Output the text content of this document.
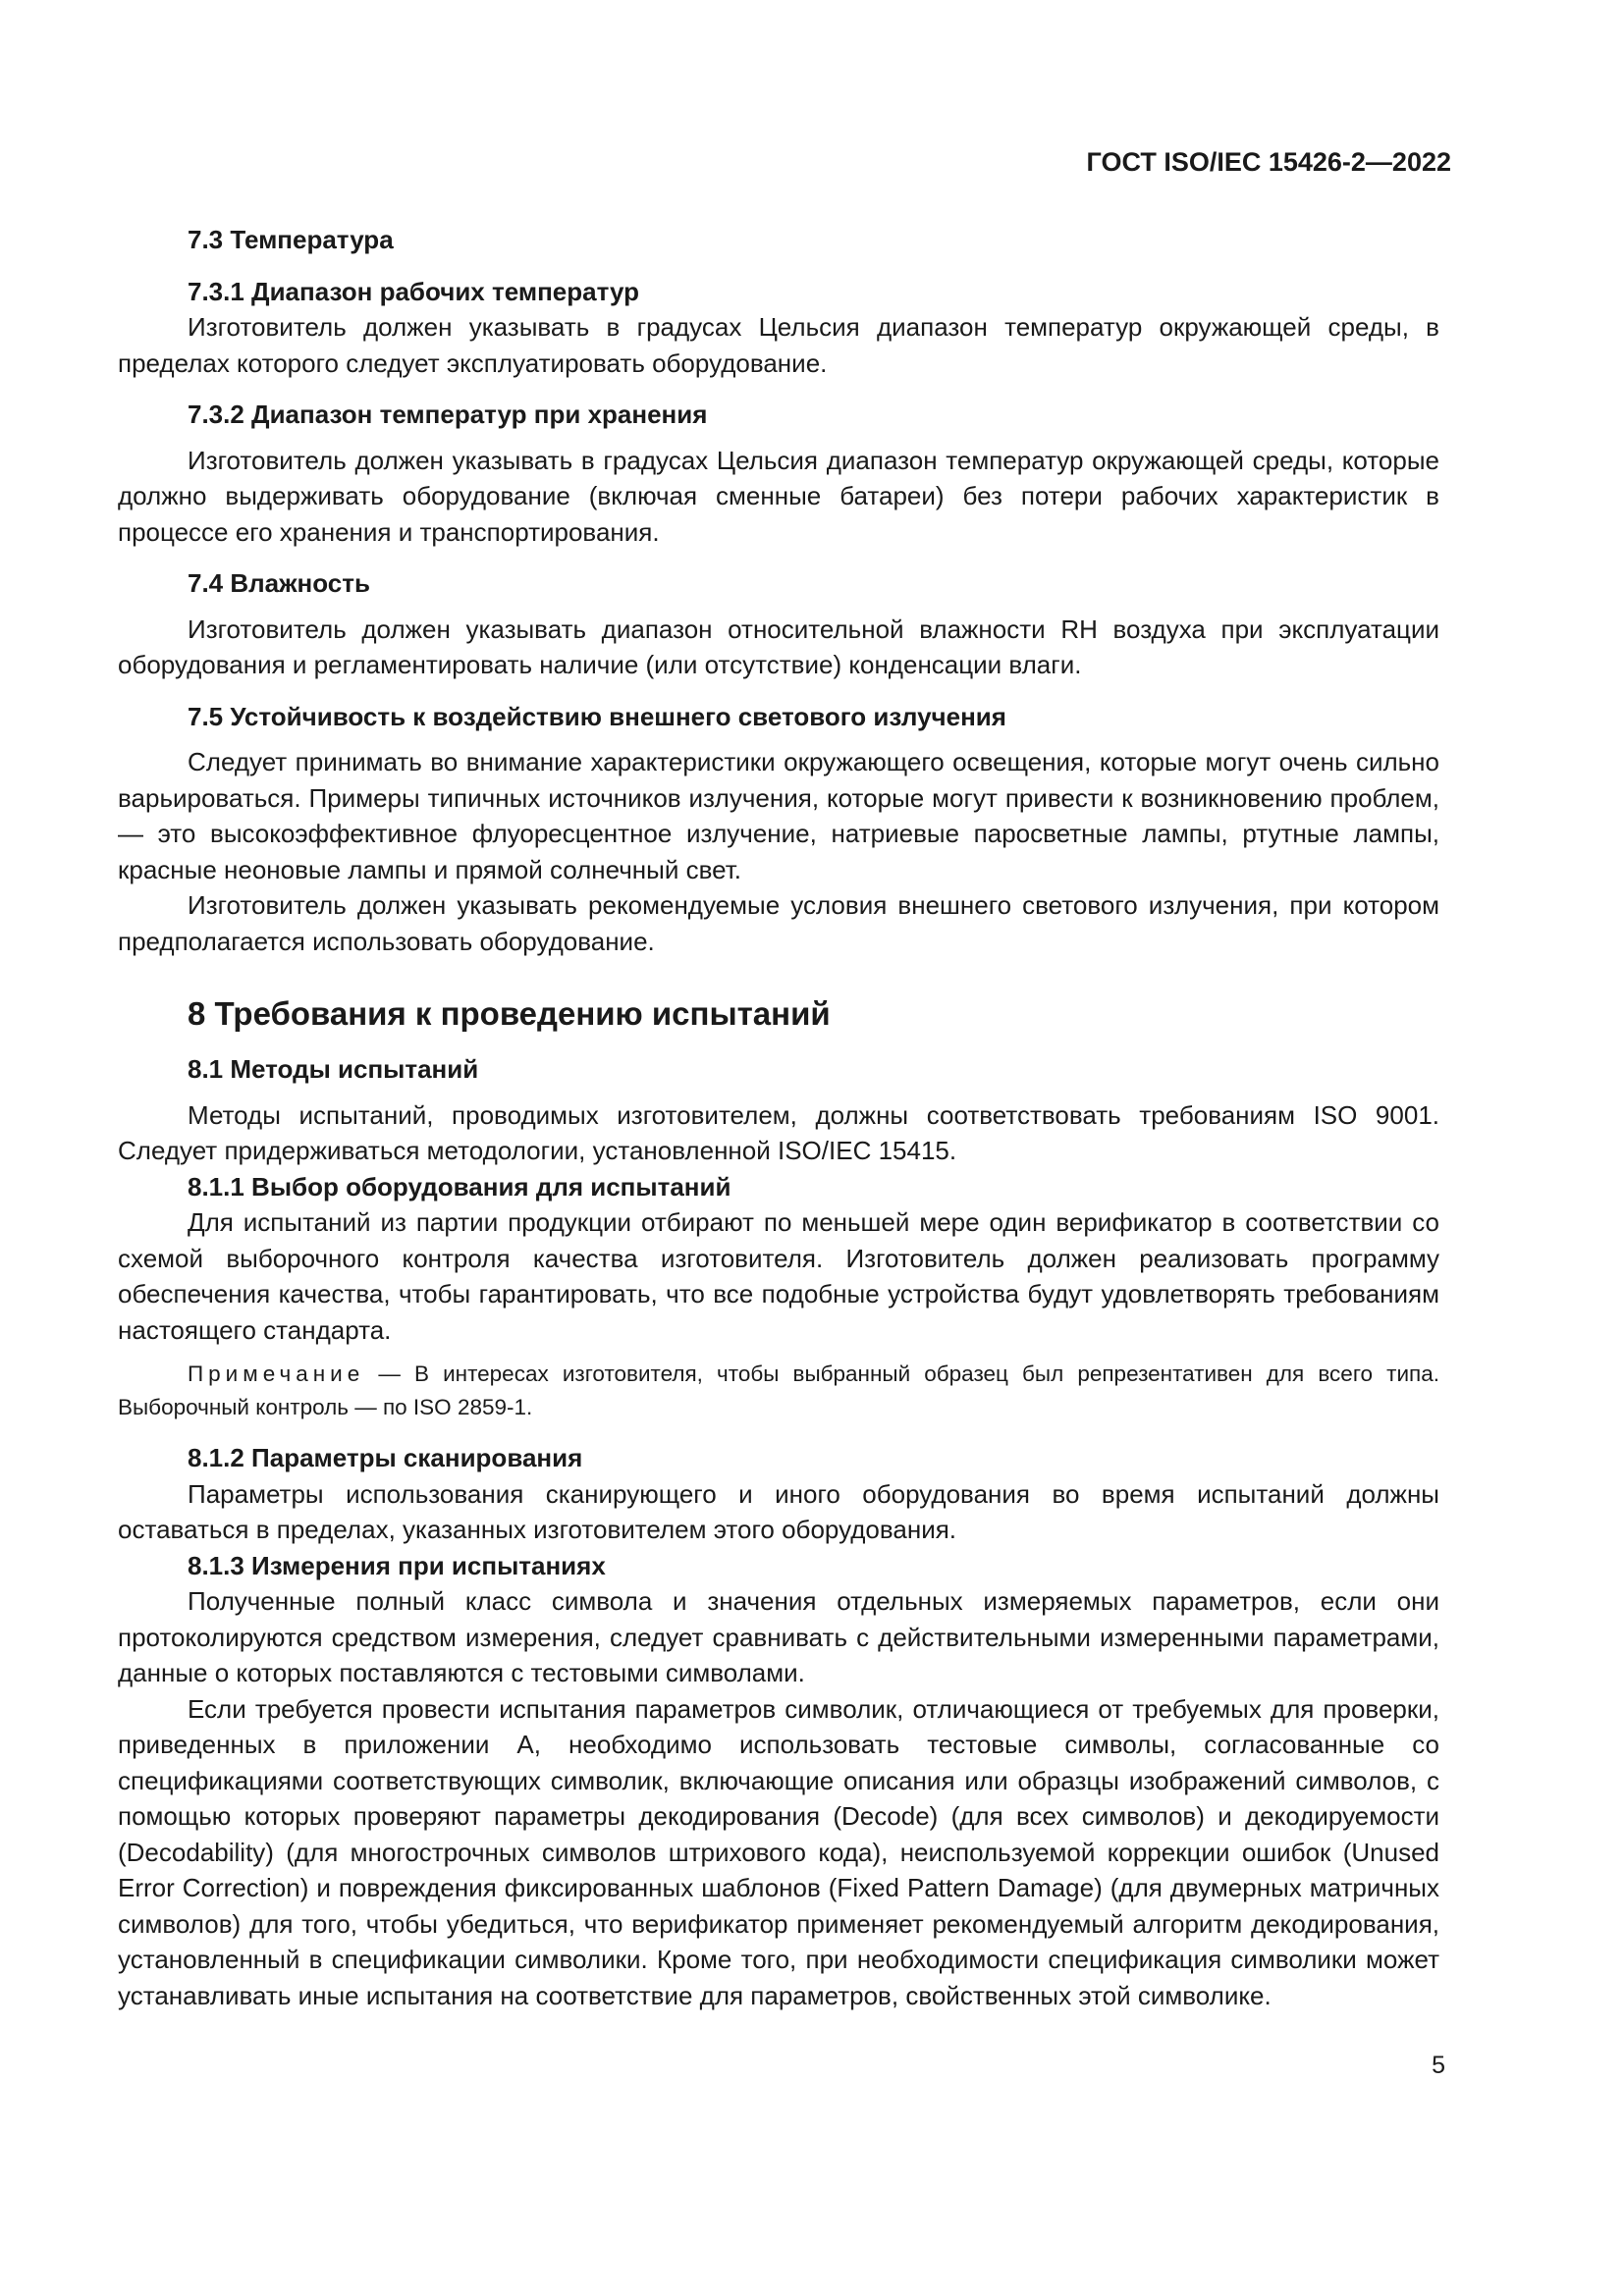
ГОСТ ISO/IEC 15426-2—2022
7.3 Температура
7.3.1 Диапазон рабочих температур

Изготовитель должен указывать в градусах Цельсия диапазон температур окружающей среды, в пределах которого следует эксплуатировать оборудование.

7.3.2 Диапазон температур при хранения

Изготовитель должен указывать в градусах Цельсия диапазон температур окружающей среды, которые должно выдерживать оборудование (включая сменные батареи) без потери рабочих характеристик в процессе его хранения и транспортирования.

7.4 Влажность

Изготовитель должен указывать диапазон относительной влажности RH воздуха при эксплуатации оборудования и регламентировать наличие (или отсутствие) конденсации влаги.

7.5 Устойчивость к воздействию внешнего светового излучения

Следует принимать во внимание характеристики окружающего освещения, которые могут очень сильно варьироваться. Примеры типичных источников излучения, которые могут привести к возникновению проблем, — это высокоэффективное флуоресцентное излучение, натриевые паросветные лампы, ртутные лампы, красные неоновые лампы и прямой солнечный свет.

Изготовитель должен указывать рекомендуемые условия внешнего светового излучения, при котором предполагается использовать оборудование.

8 Требования к проведению испытаний
8.1 Методы испытаний

Методы испытаний, проводимых изготовителем, должны соответствовать требованиям ISO 9001. Следует придерживаться методологии, установленной ISO/IEC 15415.

8.1.1 Выбор оборудования для испытаний

Для испытаний из партии продукции отбирают по меньшей мере один верификатор в соответствии со схемой выборочного контроля качества изготовителя. Изготовитель должен реализовать программу обеспечения качества, чтобы гарантировать, что все подобные устройства будут удовлетворять требованиям настоящего стандарта.

Примечание — В интересах изготовителя, чтобы выбранный образец был репрезентативен для всего типа. Выборочный контроль — по ISO 2859-1.

8.1.2 Параметры сканирования

Параметры использования сканирующего и иного оборудования во время испытаний должны оставаться в пределах, указанных изготовителем этого оборудования.

8.1.3 Измерения при испытаниях

Полученные полный класс символа и значения отдельных измеряемых параметров, если они протоколируются средством измерения, следует сравнивать с действительными измеренными параметрами, данные о которых поставляются с тестовыми символами.

Если требуется провести испытания параметров символик, отличающиеся от требуемых для проверки, приведенных в приложении А, необходимо использовать тестовые символы, согласованные со спецификациями соответствующих символик, включающие описания или образцы изображений символов, с помощью которых проверяют параметры декодирования (Decode) (для всех символов) и декодируемости (Decodability) (для многострочных символов штрихового кода), неиспользуемой коррекции ошибок (Unused Error Correction) и повреждения фиксированных шаблонов (Fixed Pattern Damage) (для двумерных матричных символов) для того, чтобы убедиться, что верификатор применяет рекомендуемый алгоритм декодирования, установленный в спецификации символики. Кроме того, при необходимости спецификация символики может устанавливать иные испытания на соответствие для параметров, свойственных этой символике.

5
